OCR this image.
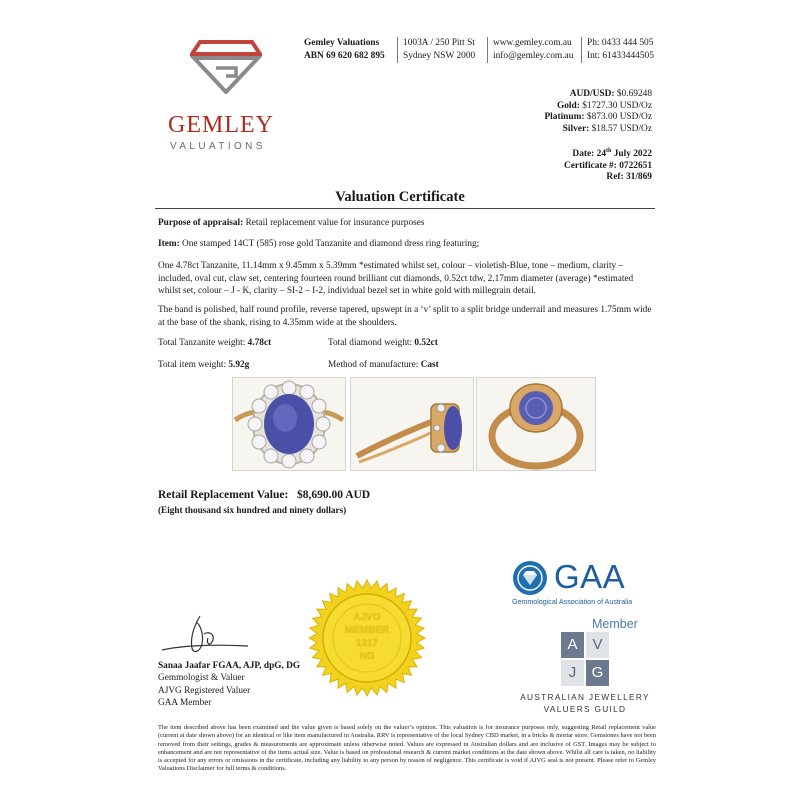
GEMLEY
VALUATIONS
Gemley Valuations
ABN 69 620 682 895
1003A / 250 Pitt St
Sydney NSW 2000
www.gemley.com.au
info@gemley.com.au
Ph: 0433 444 505
Int: 61433444505
AUD/USD: $0.69248
Gold: $1727.30 USD/Oz
Platinum: $873.00 USD/Oz
Silver: $18.57 USD/Oz
Date: 24th July 2022
Certificate #: 0722651
Ref: 31/869
Valuation Certificate
Purpose of appraisal: Retail replacement value for insurance purposes
Item: One stamped 14CT (585) rose gold Tanzanite and diamond dress ring featuring;
One 4.78ct Tanzanite, 11.14mm x 9.45mm x 5.39mm *estimated whilst set, colour – violetish-Blue, tone – medium, clarity – included, oval cut, claw set, centering fourteen round brilliant cut diamonds, 0.52ct tdw, 2.17mm diameter (average) *estimated whilst set, colour – J - K, clarity – SI-2 – I-2, individual bezel set in white gold with millegrain detail.
The band is polished, half round profile, reverse tapered, upswept in a ‘v’ split to a split bridge underrail and measures 1.75mm wide at the base of the shank, rising to 4.35mm wide at the shoulders.
Total Tanzanite weight: 4.78ct	Total diamond weight: 0.52ct
Total item weight: 5.92g	Method of manufacture: Cast
Retail Replacement Value: $8,690.00 AUD
(Eight thousand six hundred and ninety dollars)
AJVG
MEMBER
1317
NG
Sanaa Jaafar FGAA, AJP, dpG, DG
Gemmologist & Valuer
AJVG Registered Valuer
GAA Member
GAA
Gemmological Association of Australia
Member
A V
J	G
AUSTRALIAN JEWELLERY
VALUERS GUILD
The item described above has been examined and the value given is based solely on the valuer’s opinion. This valuation is for insurance purposes only, suggesting Retail replacement value (current at date shown above) for an identical or like item manufactured in Australia. RRV is representative of the local Sydney CBD market, in a bricks & mortar store. Gemstones have not been removed from their settings, grades & measurements are approximate unless otherwise noted. Values are expressed in Australian dollars and are inclusive of GST. Images may be subject to enhancement and are not representative of the items actual size. Value is based on professional research & current market conditions at the date shown above. Whilst all care is taken, no liability is accepted for any errors or omissions in the certificate, including any liability to any person by reason of negligence. This certificate is void if AJVG seal is not present. Please refer to Gemley Valuations Disclaimer for full terms & conditions.
